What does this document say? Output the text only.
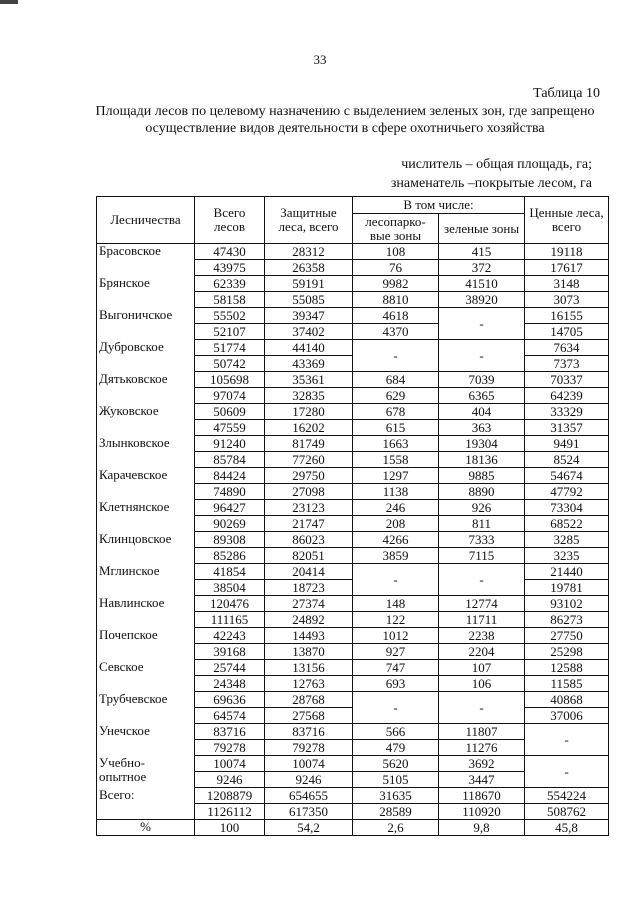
33
Таблица 10
Площади лесов по целевому назначению с выделением зеленых зон, где запрещено осуществление видов деятельности в сфере охотничьего хозяйства
числитель – общая площадь, га;
знаменатель –покрытые лесом, га
Лесничества	Всего лесов	Защитные леса, всего	В том числе:		Ценные леса, всего
			лесопарко-вые зоны	зеленые зоны	

Брасовское	47430	28312	108	415	19118
	43975	26358	76	372	17617

Брянское	62339	59191	9982	41510	3148
	58158	55085	8810	38920	3073

Выгоничское	55502	39347	4618	-	16155
	52107	37402	4370		14705

Дубровское	51774	44140	-	-	7634
	50742	43369			7373

Дятьковское	105698	35361	684	7039	70337
	97074	32835	629	6365	64239

Жуковское	50609	17280	678	404	33329
	47559	16202	615	363	31357

Злынковское	91240	81749	1663	19304	9491
	85784	77260	1558	18136	8524

Карачевское	84424	29750	1297	9885	54674
	74890	27098	1138	8890	47792

Клетнянское	96427	23123	246	926	73304
	90269	21747	208	811	68522

Клинцовское	89308	86023	4266	7333	3285
	85286	82051	3859	7115	3235

Мглинское	41854	20414	-	-	21440
	38504	18723			19781

Навлинское	120476	27374	148	12774	93102
	111165	24892	122	11711	86273

Почепское	42243	14493	1012	2238	27750
	39168	13870	927	2204	25298

Севское	25744	13156	747	107	12588
	24348	12763	693	106	11585

Трубчевское	69636	28768	-	-	40868
	64574	27568			37006

Унечское	83716	83716	566	11807	-
	79278	79278	479	11276	

Учебно-
опытное	10074	10074	5620	3692	-
	9246	9246	5105	3447	

Всего:	1208879	654655	31635	118670	554224
	1126112	617350	28589	110920	508762
%	100	54,2	2,6	9,8	45,8
